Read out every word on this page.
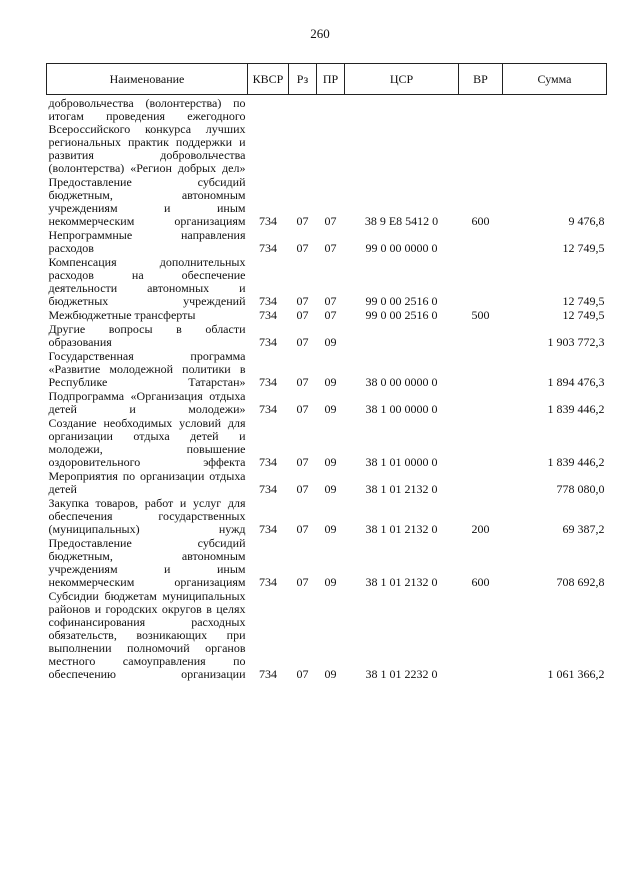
260
Наименование	КВСР	Рз	ПР	ЦСР	ВР	Сумма
добровольчества (волонтерства) по итогам проведения ежегодного Всероссийского конкурса лучших региональных практик поддержки и развития добровольчества (волонтерства) «Регион добрых дел»						
Предоставление субсидий бюджетным, автономным учреждениям и иным некоммерческим организациям	734	07	07	38 9 E8 5412 0	600	9 476,8
Непрограммные направления расходов	734	07	07	99 0 00 0000 0		12 749,5
Компенсация дополнительных расходов на обеспечение деятельности автономных и бюджетных учреждений	734	07	07	99 0 00 2516 0		12 749,5
Межбюджетные трансферты	734	07	07	99 0 00 2516 0	500	12 749,5
Другие вопросы в области образования	734	07	09			1 903 772,3
Государственная программа «Развитие молодежной политики в Республике Татарстан»	734	07	09	38 0 00 0000 0		1 894 476,3
Подпрограмма «Организация отдыха детей и молодежи»	734	07	09	38 1 00 0000 0		1 839 446,2
Создание необходимых условий для организации отдыха детей и молодежи, повышение оздоровительного эффекта	734	07	09	38 1 01 0000 0		1 839 446,2
Мероприятия по организации отдыха детей	734	07	09	38 1 01 2132 0		778 080,0
Закупка товаров, работ и услуг для обеспечения государственных (муниципальных) нужд	734	07	09	38 1 01 2132 0	200	69 387,2
Предоставление субсидий бюджетным, автономным учреждениям и иным некоммерческим организациям	734	07	09	38 1 01 2132 0	600	708 692,8
Субсидии бюджетам муниципальных районов и городских округов в целях софинансирования расходных обязательств, возникающих при выполнении полномочий органов местного самоуправления по обеспечению организации	734	07	09	38 1 01 2232 0		1 061 366,2
